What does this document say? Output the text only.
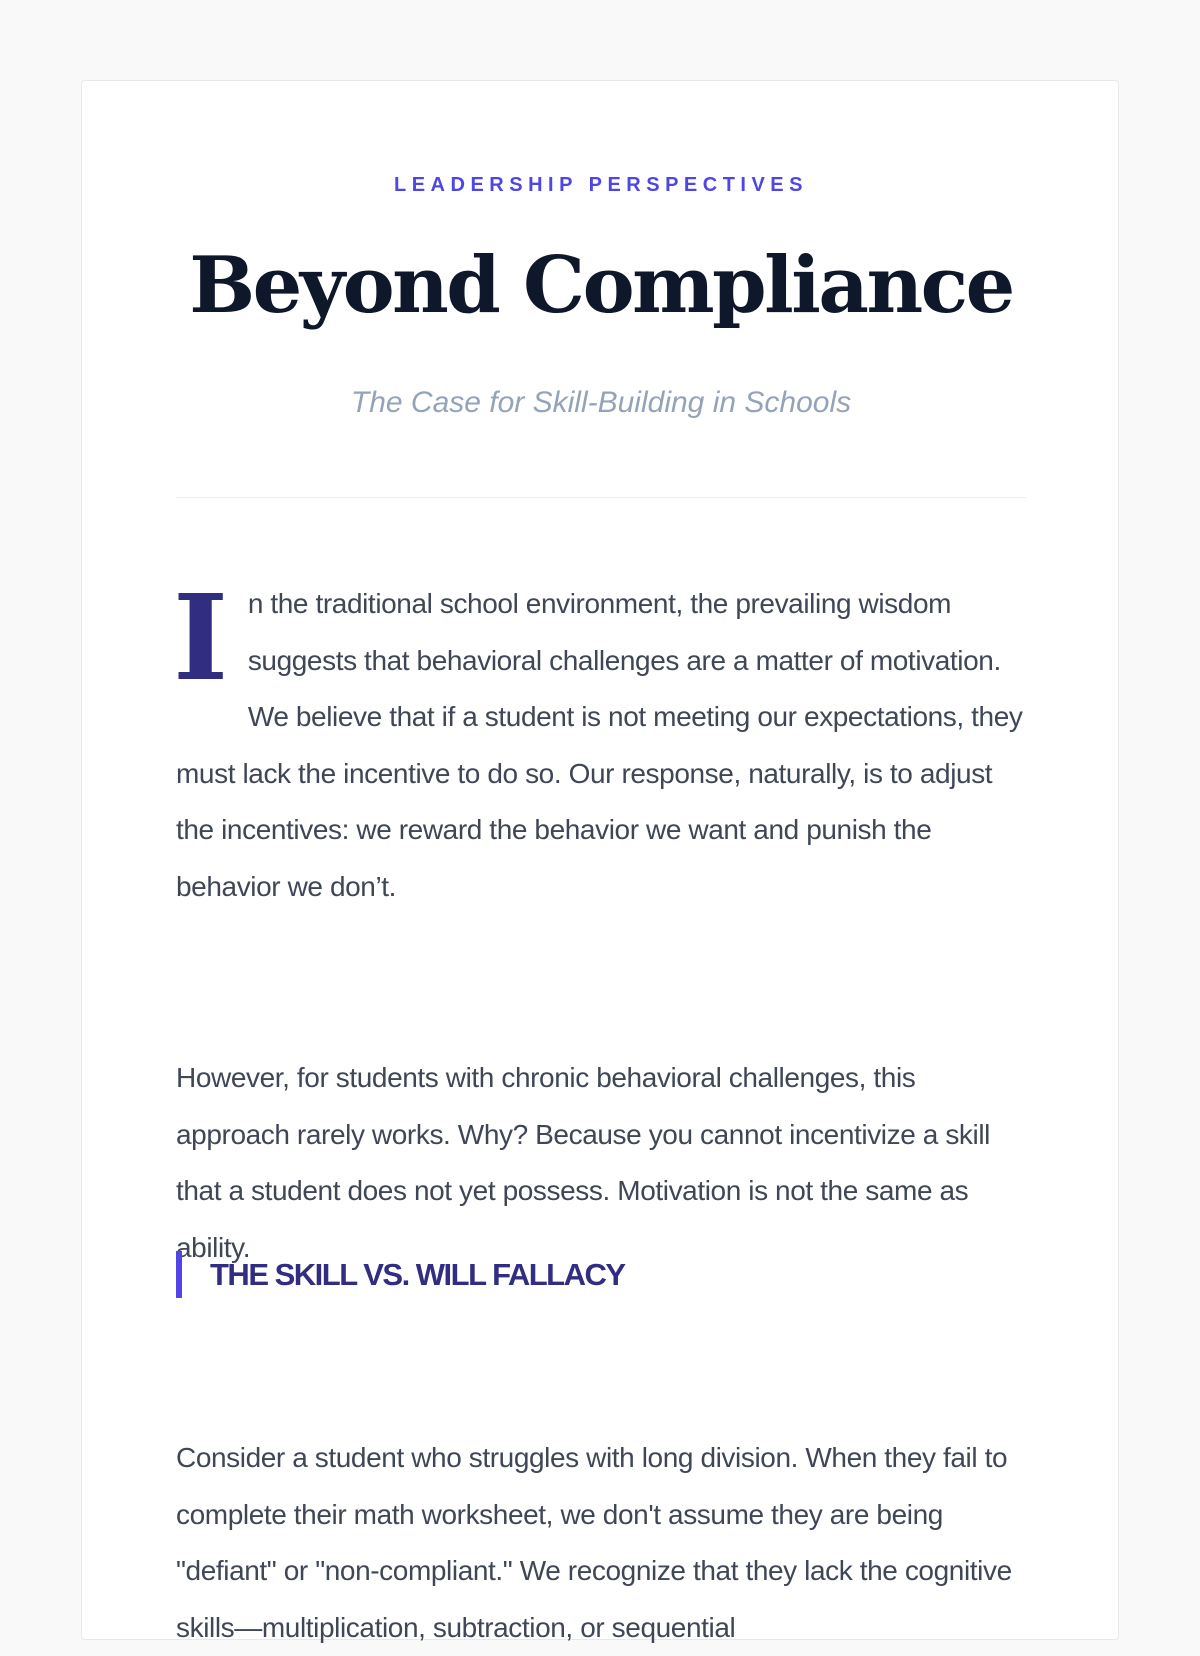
LEADERSHIP PERSPECTIVES
Beyond Compliance
The Case for Skill-Building in Schools

In the traditional school environment, the prevailing wisdom suggests that behavioral challenges are a matter of motivation. We believe that if a student is not meeting our expectations, they must lack the incentive to do so. Our response, naturally, is to adjust the incentives: we reward the behavior we want and punish the behavior we don’t.

However, for students with chronic behavioral challenges, this approach rarely works. Why? Because you cannot incentivize a skill that a student does not yet possess. Motivation is not the same as ability.

THE SKILL VS. WILL FALLACY

Consider a student who struggles with long division. When they fail to complete their math worksheet, we don't assume they are being "defiant" or "non-compliant." We recognize that they lack the cognitive skills—multiplication, subtraction, or sequential
